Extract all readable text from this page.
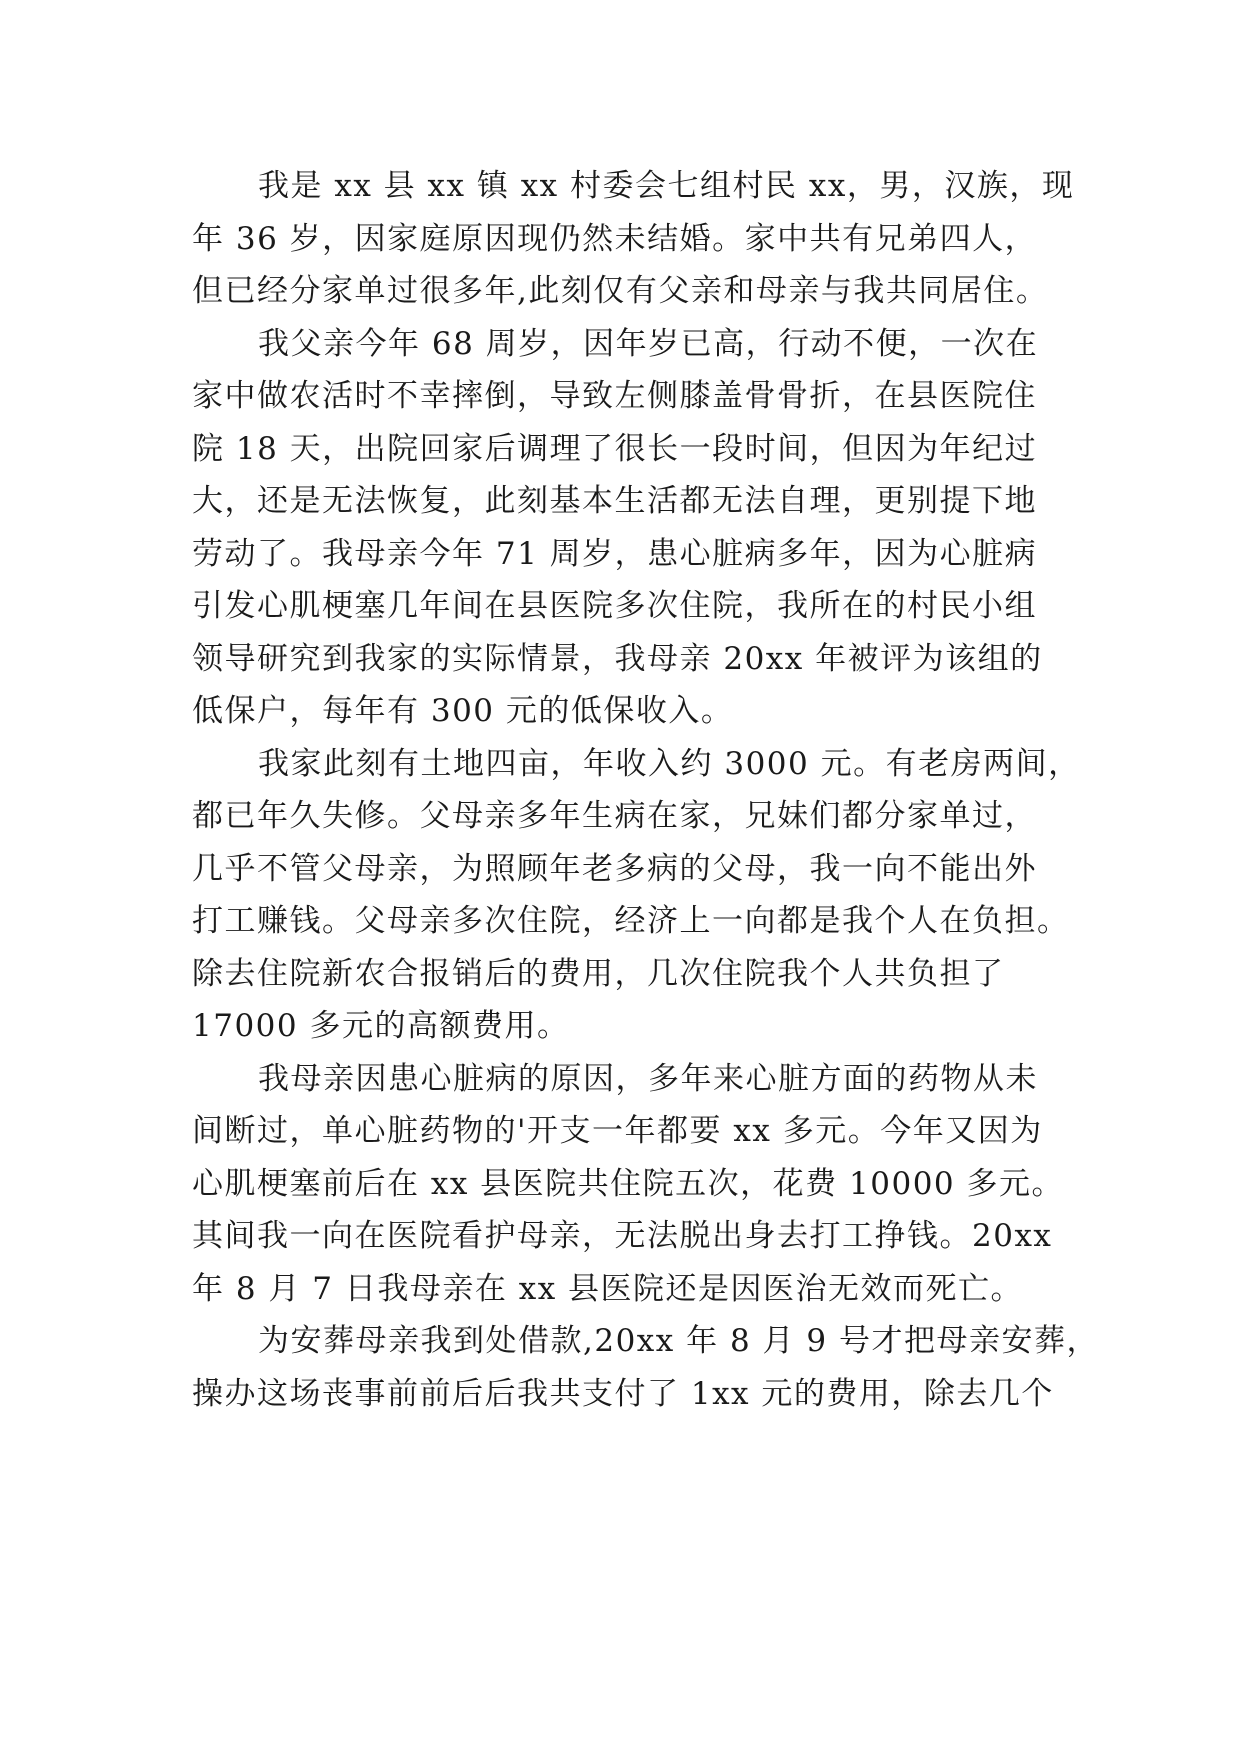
我是 xx 县 xx 镇 xx 村委会七组村民 xx，男，汉族，现
年 36 岁，因家庭原因现仍然未结婚。家中共有兄弟四人，
但已经分家单过很多年,此刻仅有父亲和母亲与我共同居住。
我父亲今年 68 周岁，因年岁已高，行动不便，一次在
家中做农活时不幸摔倒，导致左侧膝盖骨骨折，在县医院住
院 18 天，出院回家后调理了很长一段时间，但因为年纪过
大，还是无法恢复，此刻基本生活都无法自理，更别提下地
劳动了。我母亲今年 71 周岁，患心脏病多年，因为心脏病
引发心肌梗塞几年间在县医院多次住院，我所在的村民小组
领导研究到我家的实际情景，我母亲 20xx 年被评为该组的
低保户，每年有 300 元的低保收入。
我家此刻有土地四亩，年收入约 3000 元。有老房两间，
都已年久失修。父母亲多年生病在家，兄妹们都分家单过，
几乎不管父母亲，为照顾年老多病的父母，我一向不能出外
打工赚钱。父母亲多次住院，经济上一向都是我个人在负担。
除去住院新农合报销后的费用，几次住院我个人共负担了
17000 多元的高额费用。
我母亲因患心脏病的原因，多年来心脏方面的药物从未
间断过，单心脏药物的'开支一年都要 xx 多元。今年又因为
心肌梗塞前后在 xx 县医院共住院五次，花费 10000 多元。
其间我一向在医院看护母亲，无法脱出身去打工挣钱。20xx
年 8 月 7 日我母亲在 xx 县医院还是因医治无效而死亡。
为安葬母亲我到处借款,20xx 年 8 月 9 号才把母亲安葬，
操办这场丧事前前后后我共支付了 1xx 元的费用，除去几个
